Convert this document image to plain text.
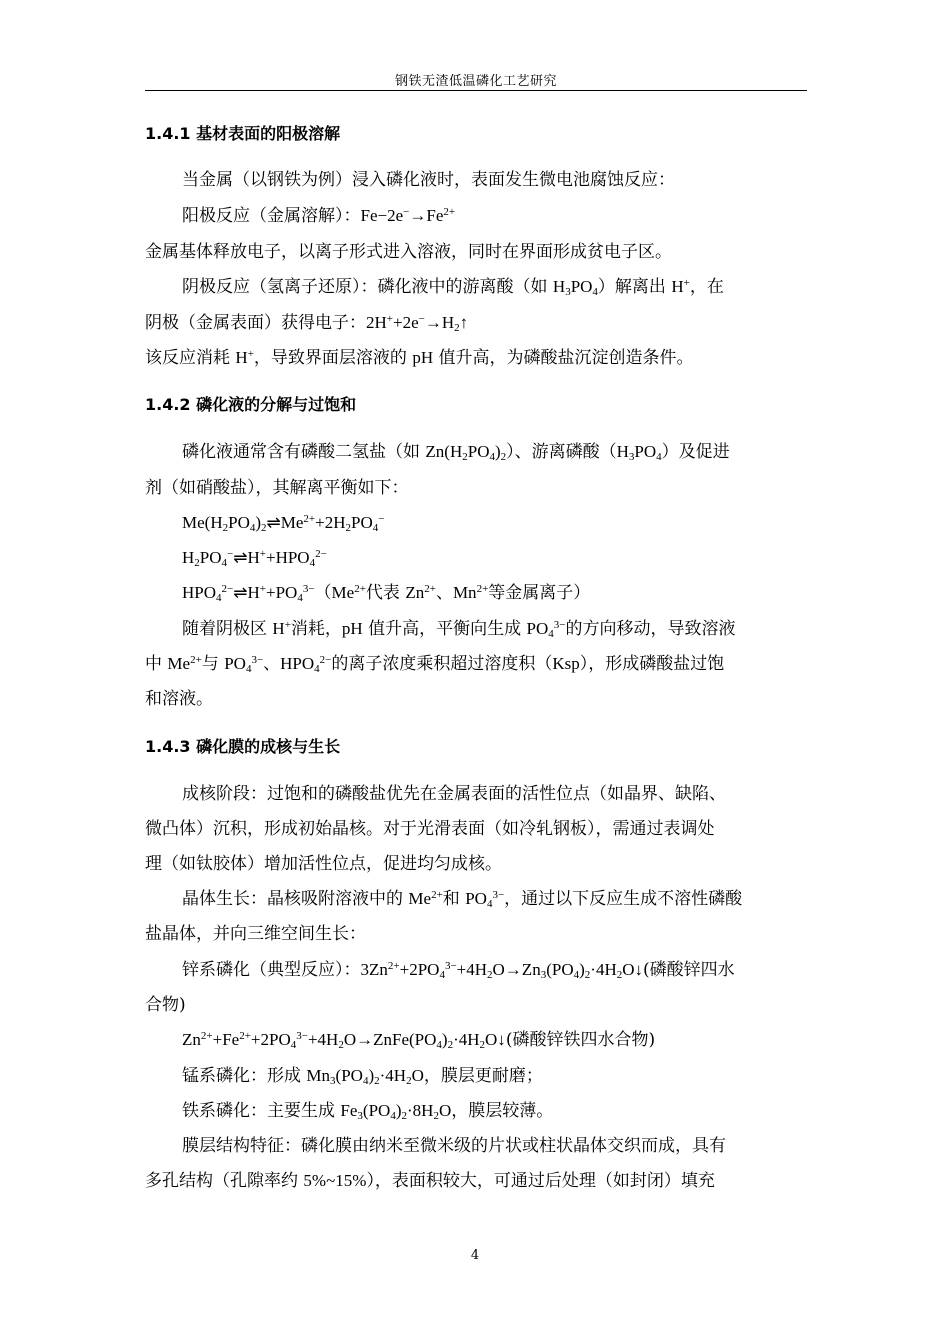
钢铁无渣低温磷化工艺研究
1.4.1 基材表面的阳极溶解
当金属（以钢铁为例）浸入磷化液时，表面发生微电池腐蚀反应：
阳极反应（金属溶解）：$Fe-2e^-\to Fe^{2+}$
金属基体释放电子，以离子形式进入溶液，同时在界面形成贫电子区。
阴极反应（氢离子还原）：磷化液中的游离酸（如 $H_3PO_4$）解离出 H+，在
阴极（金属表面）获得电子：$2H^++2e^-\to H_2↑$
该反应消耗 H+，导致界面层溶液的 pH 值升高，为磷酸盐沉淀创造条件。
1.4.2 磷化液的分解与过饱和
磷化液通常含有磷酸二氢盐（如 $Zn(H_2PO_4)_2$）、游离磷酸$(H_3PO_4)$及促进
剂（如硝酸盐），其解离平衡如下：
$Me(H_2PO_4)_2\rightleftharpoons Me^{2+}+2H_2PO_4^-$
$H_2PO_4^-\rightleftharpoons H^++HPO_4^{2-}$
$HPO_4^{2-}\rightleftharpoons H^++PO_4^{3-}(Me^{2+}$代表 $Zn^{2+}$、$Mn^{2+}$等金属离子）
随着阴极区 H+消耗，pH 值升高，平衡向生成 $PO_4^{3-}$的方向移动，导致溶液
中 $Me^{2+}$与 $PO_4^{3-}$、$HPO_4^{2-}$的离子浓度乘积超过溶度积（Ksp），形成磷酸盐过饱
和溶液。
1.4.3 磷化膜的成核与生长
成核阶段：过饱和的磷酸盐优先在金属表面的活性位点（如晶界、缺陷、
微凸体）沉积，形成初始晶核。对于光滑表面（如冷轧钢板），需通过表调处
理（如钛胶体）增加活性位点，促进均匀成核。
晶体生长：晶核吸附溶液中的 $Me^{2+}$和 $PO_4^{3-}$，通过以下反应生成不溶性磷酸
盐晶体，并向三维空间生长：
锌系磷化（典型反应）：$3Zn^{2+}+2PO_4^{3-}+4H_2O\to Zn_3(PO_4)_2\cdot 4H_2O↓$(磷酸锌四水
合物)
$Zn^{2+}+Fe^{2+}+2PO_4^{3-}+4H_2O\to ZnFe(PO_4)_2\cdot 4H_2O↓$(磷酸锌铁四水合物)
锰系磷化：形成 $Mn_3(PO_4)_2\cdot 4H_2O$，膜层更耐磨；
铁系磷化：主要生成 $Fe_3(PO_4)_2\cdot 8H_2O$，膜层较薄。
膜层结构特征：磷化膜由纳米至微米级的片状或柱状晶体交织而成，具有
多孔结构（孔隙率约 5%~15%），表面积较大，可通过后处理（如封闭）填充
4
